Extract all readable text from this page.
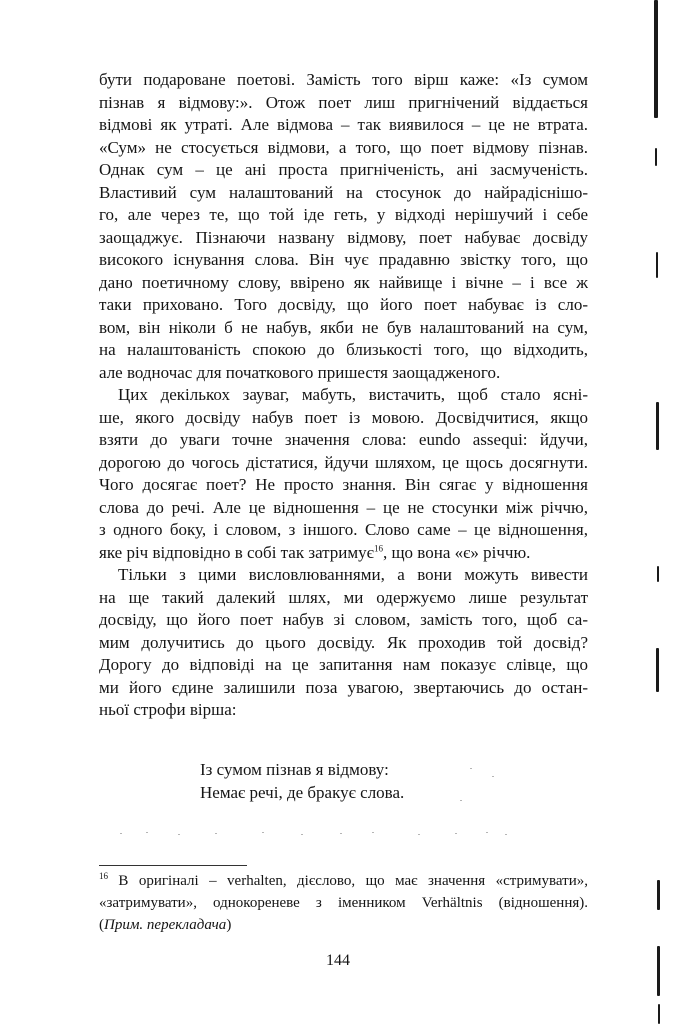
бути подароване поетові. Замість того вірш каже: «Із сумом
пізнав я відмову:». Отож поет лиш пригнічений віддається
відмові як утраті. Але відмова – так виявилося – це не втрата.
«Сум» не стосується відмови, а того, що поет відмову пізнав.
Однак сум – це ані проста пригніченість, ані засмученість.
Властивий сум налаштований на стосунок до найрадіснішо-
го, але через те, що той іде геть, у відході нерішучий і себе
заощаджує. Пізнаючи названу відмову, поет набуває досвіду
високого існування слова. Він чує прадавню звістку того, що
дано поетичному слову, ввірено як найвище і вічне – і все ж
таки приховано. Того досвіду, що його поет набуває із сло-
вом, він ніколи б не набув, якби не був налаштований на сум,
на налаштованість спокою до близькості того, що відходить,
але водночас для початкового пришестя заощадженого.
Цих декількох зауваг, мабуть, вистачить, щоб стало ясні-
ше, якого досвіду набув поет із мовою. Досвідчитися, якщо
взяти до уваги точне значення слова: eundo assequi: йдучи,
дорогою до чогось дістатися, йдучи шляхом, це щось досягнути.
Чого досягає поет? Не просто знання. Він сягає у відношення
слова до речі. Але це відношення – це не стосунки між річчю,
з одного боку, і словом, з іншого. Слово саме – це відношення,
яке річ відповідно в собі так затримує$^{16}$, що вона «є» річчю.
Тільки з цими висловлюваннями, а вони можуть вивести
на ще такий далекий шлях, ми одержуємо лише результат
досвіду, що його поет набув зі словом, замість того, щоб са-
мим долучитись до цього досвіду. Як проходив той досвід?
Дорогу до відповіді на це запитання нам показує слівце, що
ми його єдине залишили поза увагою, звертаючись до остан-
ньої строфи вірша:
Із сумом пізнав я відмову:
Немає речі, де бракує слова.
$^{16}$ В оригіналі – verhalten, дієслово, що має значення «стримувати»,
«затримувати», однокореневе з іменником Verhältnis (відношення).
(Прим. перекладача)
144
